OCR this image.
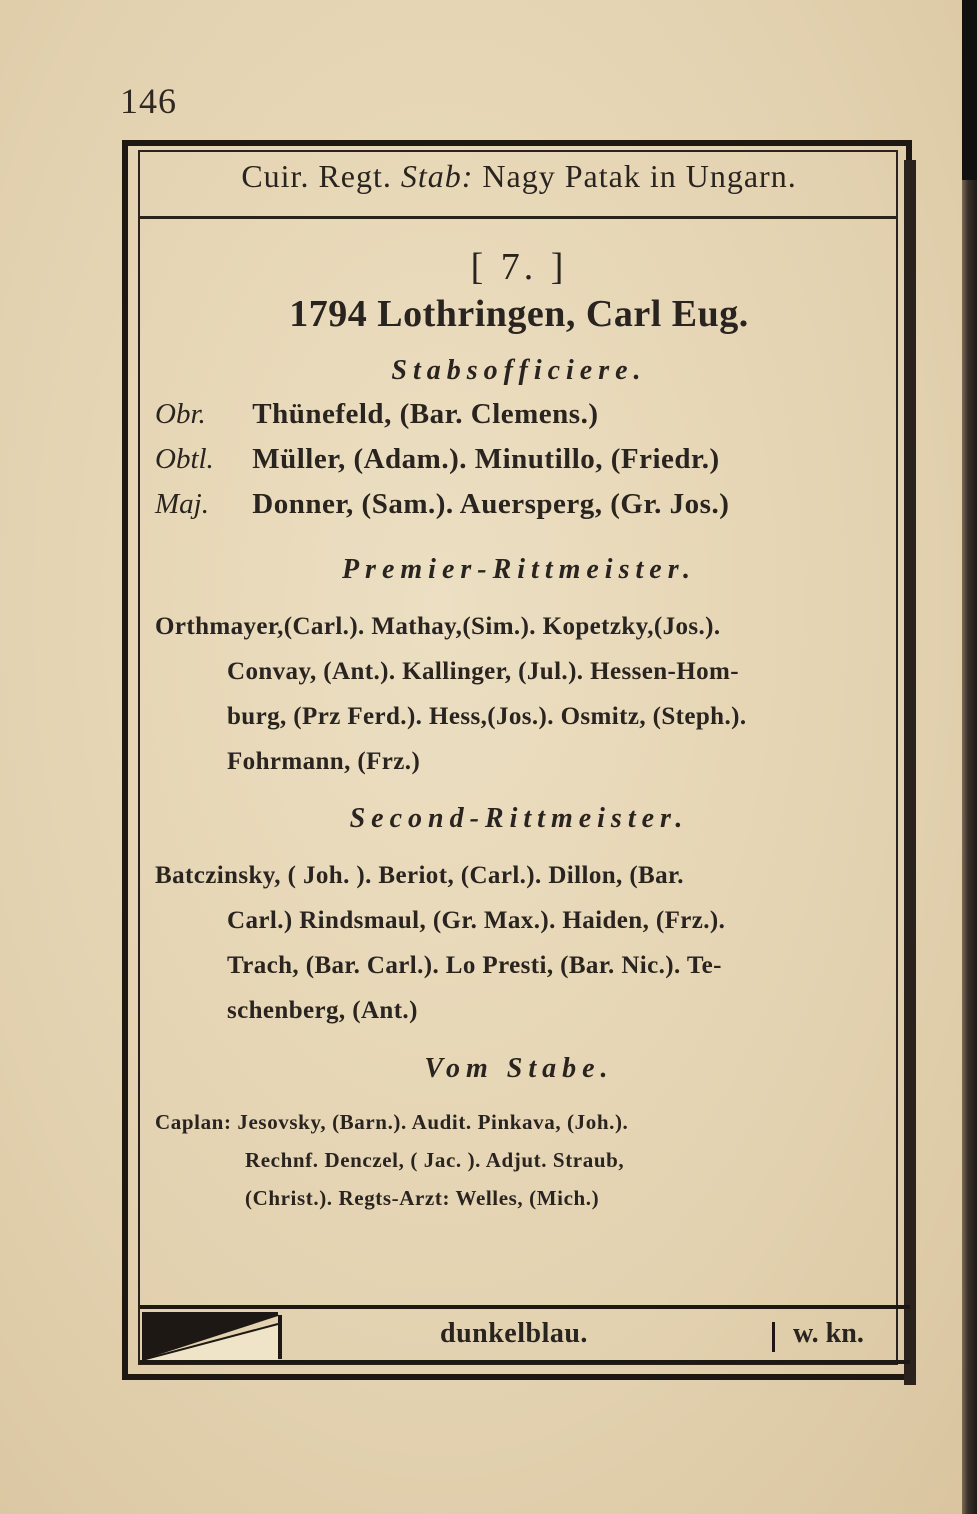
146
Cuir. Regt. Stab: Nagy Patak in Ungarn.
[ 7. ]
1794 Lothringen, Carl Eug.
Stabsofficiere.
Obr. Thünefeld, (Bar. Clemens.)
Obtl. Müller, (Adam.). Minutillo, (Friedr.)
Maj. Donner, (Sam.). Auersperg, (Gr. Jos.)
Premier-Rittmeister.
Orthmayer,(Carl.). Mathay,(Sim.). Kopetzky,(Jos.).
Convay, (Ant.). Kallinger, (Jul.). Hessen-Hom-
burg, (Prz Ferd.). Hess,(Jos.). Osmitz, (Steph.).
Fohrmann, (Frz.)
Second-Rittmeister.
Batczinsky, ( Joh. ). Beriot, (Carl.). Dillon, (Bar.
Carl.) Rindsmaul, (Gr. Max.). Haiden, (Frz.).
Trach, (Bar. Carl.). Lo Presti, (Bar. Nic.). Te-
schenberg, (Ant.)
Vom Stabe.
Caplan: Jesovsky, (Barn.). Audit. Pinkava, (Joh.).
Rechnf. Denczel, ( Jac. ). Adjut. Straub,
(Christ.). Regts-Arzt: Welles, (Mich.)
dunkelblau.	w. kn.
